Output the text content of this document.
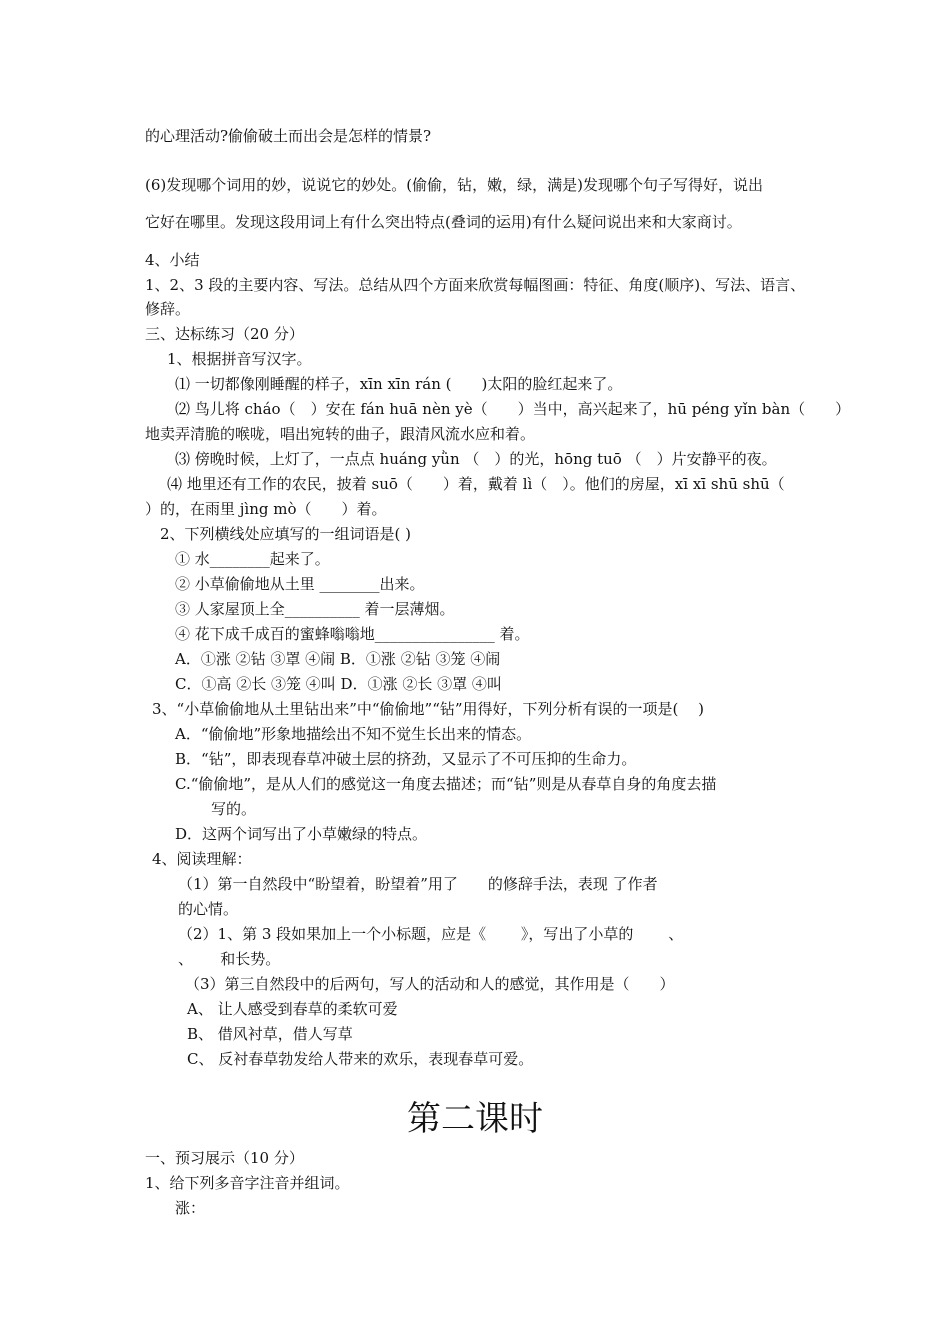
的心理活动?偷偷破土而出会是怎样的情景?
(6)发现哪个词用的妙，说说它的妙处。(偷偷，钻，嫩，绿，满是)发现哪个句子写得好，说出
它好在哪里。发现这段用词上有什么突出特点(叠词的运用)有什么疑问说出来和大家商讨。
4、小结
1、2、3 段的主要内容、写法。总结从四个方面来欣赏每幅图画：特征、角度(顺序)、写法、语言、
修辞。
三、达标练习（20 分）
1、根据拼音写汉字。
⑴ 一切都像刚睡醒的样子，xīn xīn rán (　　)太阳的脸红起来了。
⑵ 鸟儿将 cháo（　）安在 fán huā nèn yè（　　）当中，高兴起来了，hū péng yǐn bàn（　　）
地卖弄清脆的喉咙，唱出宛转的曲子，跟清风流水应和着。
⑶ 傍晚时候，上灯了，一点点 huáng yǜn （　）的光，hōng tuō （　）片安静平的夜。
⑷ 地里还有工作的农民，披着 suō（　　）着，戴着 lì（　）。他们的房屋，xī xī shū shū（
）的，在雨里 jìng mò（　　）着。
2、下列横线处应填写的一组词语是( )
① 水________起来了。
② 小草偷偷地从土里 ________出来。
③ 人家屋顶上全__________ 着一层薄烟。
④ 花下成千成百的蜜蜂嗡嗡地________________ 着。
A．①涨 ②钻 ③罩 ④闹 B．①涨 ②钻 ③笼 ④闹
C．①高 ②长 ③笼 ④叫 D．①涨 ②长 ③罩 ④叫
3、“小草偷偷地从土里钻出来”中“偷偷地”“钻”用得好，下列分析有误的一项是(　 )
A．“偷偷地”形象地描绘出不知不觉生长出来的情态。
B．“钻”，即表现春草冲破土层的挤劲，又显示了不可压抑的生命力。
C.“偷偷地”，是从人们的感觉这一角度去描述；而“钻”则是从春草自身的角度去描
写的。
D．这两个词写出了小草嫩绿的特点。
4、阅读理解：
（1）第一自然段中“盼望着，盼望着”用了　　的修辞手法，表现 了作者
的心情。
（2）1、第 3 段如果加上一个小标题，应是《　　 》，写出了小草的　　 、
、　　 和长势。
（3）第三自然段中的后两句，写人的活动和人的感觉，其作用是（　　）
A、 让人感受到春草的柔软可爱
B、 借风衬草，借人写草
C、 反衬春草勃发给人带来的欢乐，表现春草可爱。
第二课时
一、预习展示（10 分）
1、给下列多音字注音并组词。
涨：
